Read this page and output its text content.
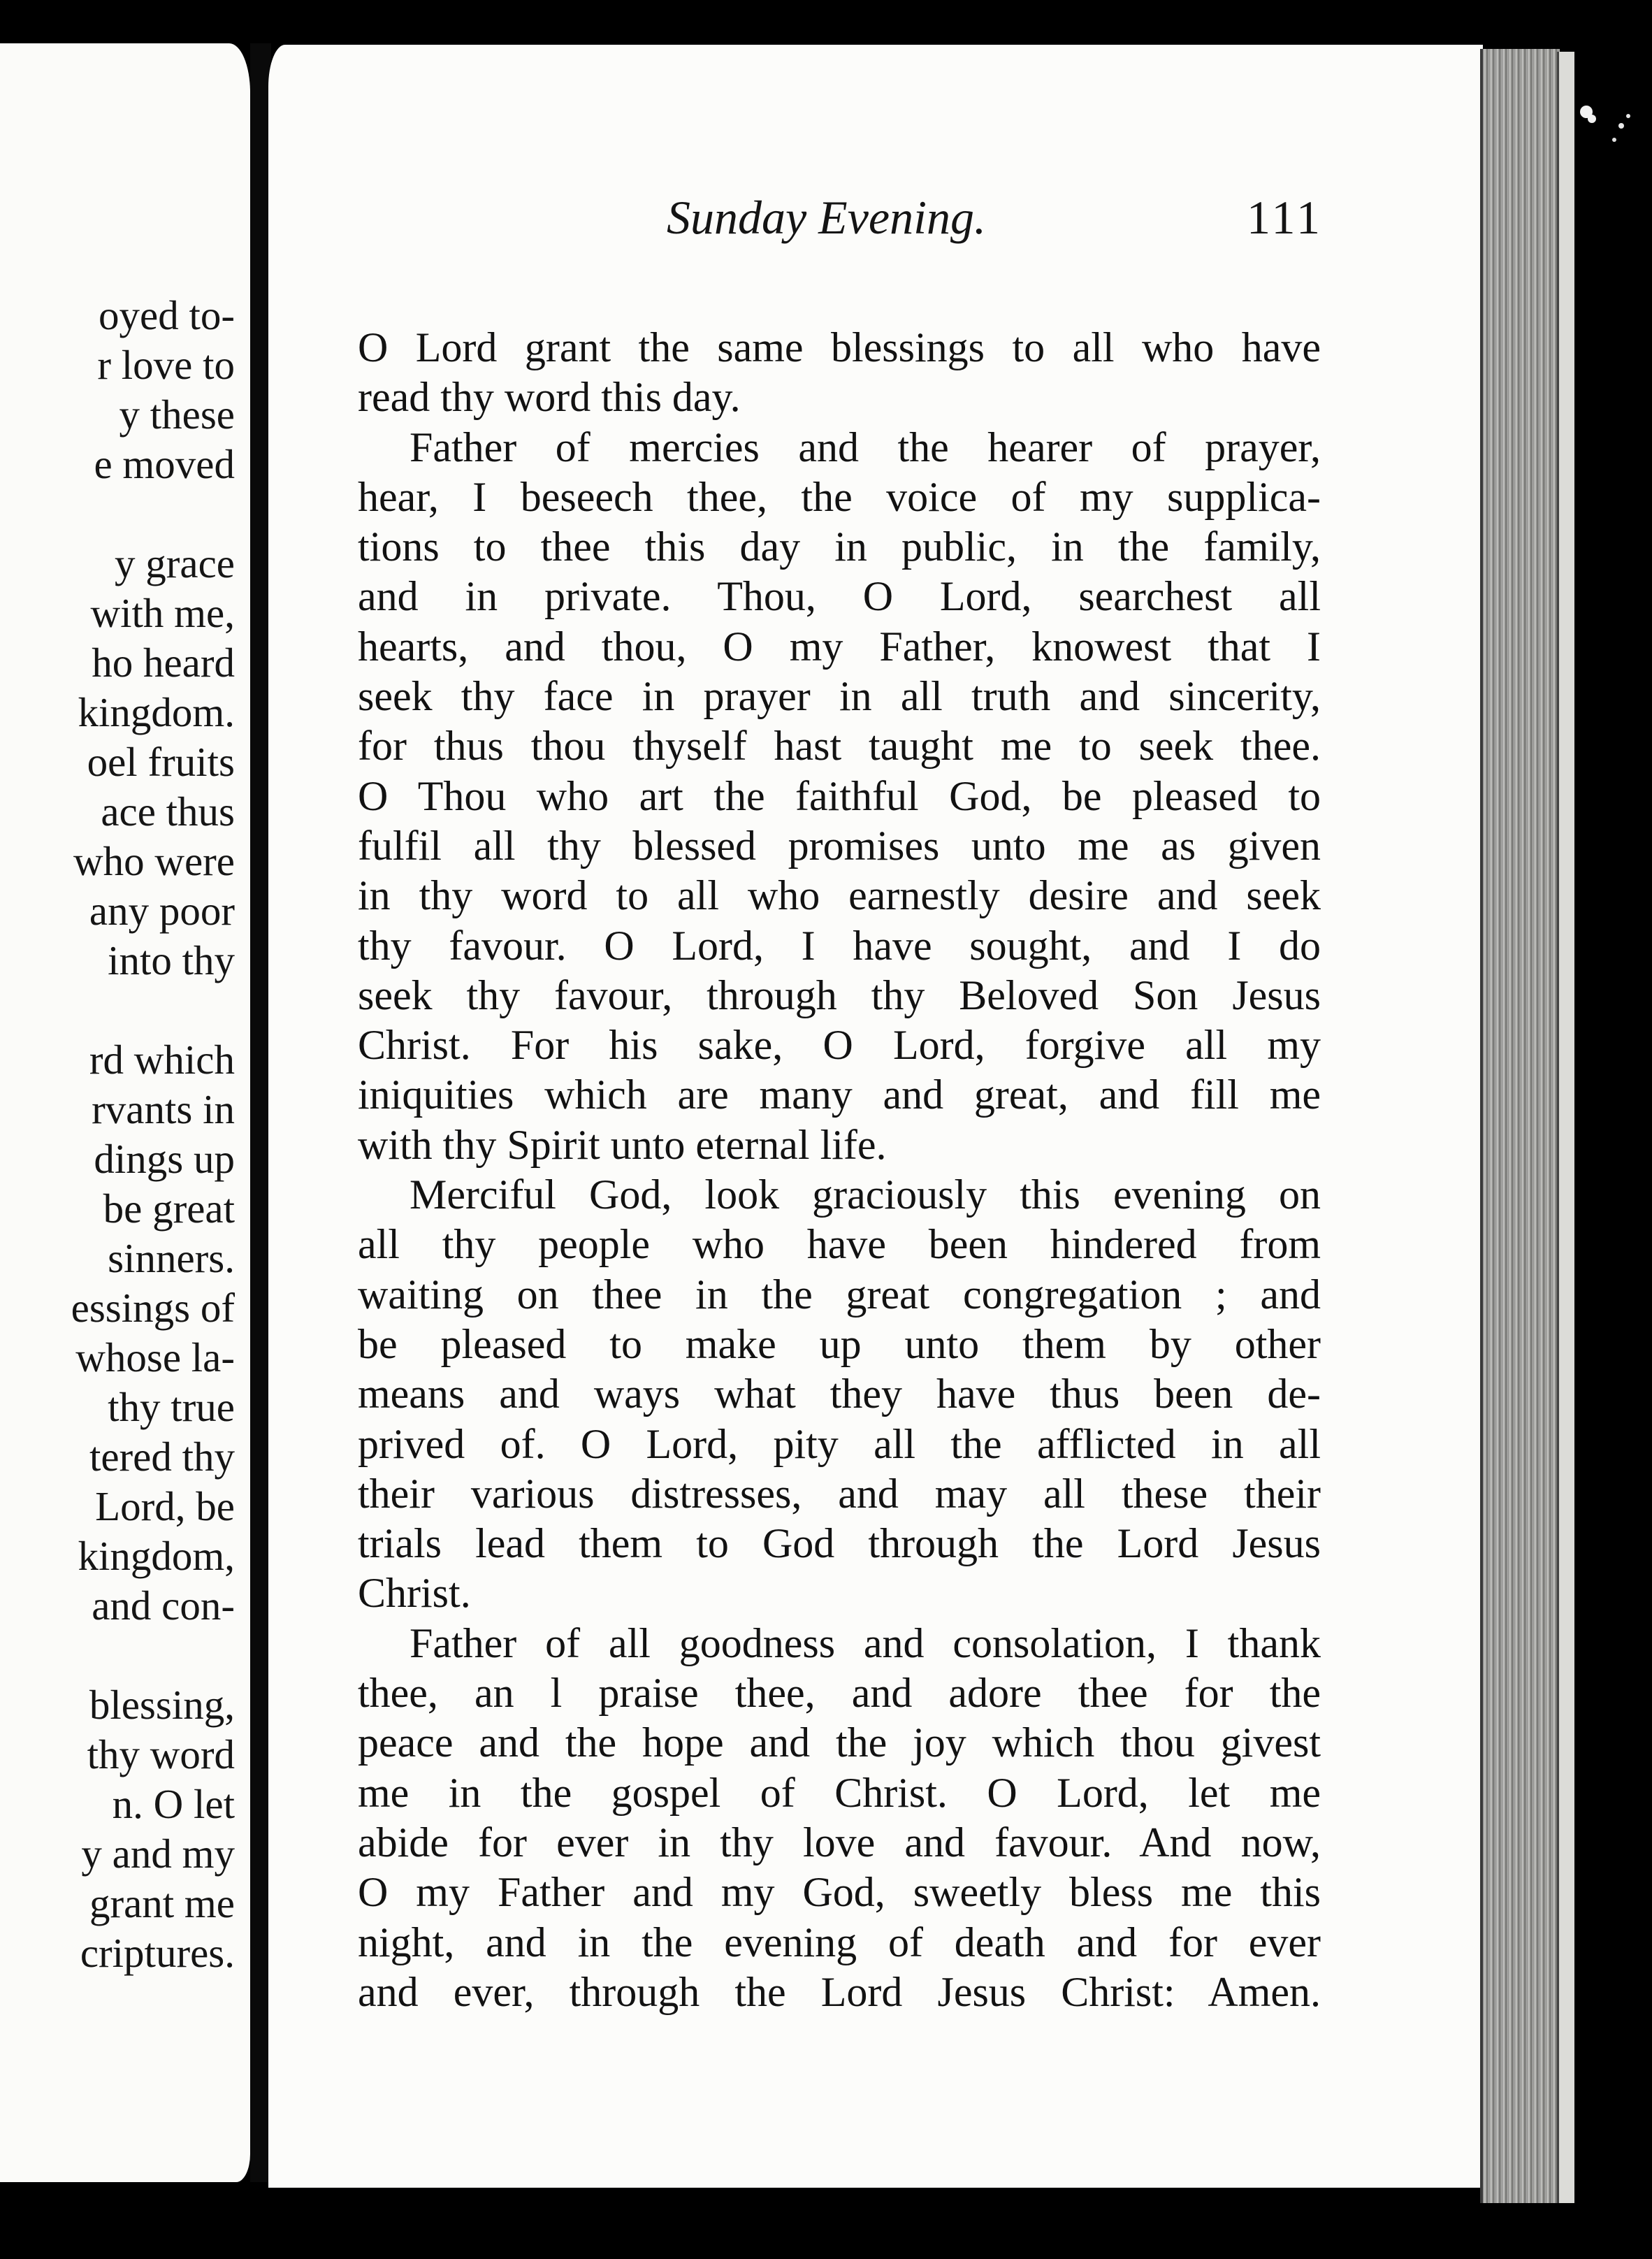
oyed to-
r love to
y these
e moved
y grace
with me,
ho heard
kingdom.
oel fruits
ace thus
who were
any poor
into thy
rd which
rvants in
dings up
be great
sinners.
essings of
whose la-
thy true
tered thy
Lord, be
kingdom,
and con-
blessing,
thy word
n. O let
y and my
grant me
criptures.
Sunday Evening.	111
O Lord grant the same blessings to all who have
read thy word this day.
Father of mercies and the hearer of prayer,
hear, I beseech thee, the voice of my supplica-
tions to thee this day in public, in the family,
and in private. Thou, O Lord, searchest all
hearts, and thou, O my Father, knowest that I
seek thy face in prayer in all truth and sincerity,
for thus thou thyself hast taught me to seek thee.
O Thou who art the faithful God, be pleased to
fulfil all thy blessed promises unto me as given
in thy word to all who earnestly desire and seek
thy favour. O Lord, I have sought, and I do
seek thy favour, through thy Beloved Son Jesus
Christ. For his sake, O Lord, forgive all my
iniquities which are many and great, and fill me
with thy Spirit unto eternal life.
Merciful God, look graciously this evening on
all thy people who have been hindered from
waiting on thee in the great congregation ; and
be pleased to make up unto them by other
means and ways what they have thus been de-
prived of. O Lord, pity all the afflicted in all
their various distresses, and may all these their
trials lead them to God through the Lord Jesus
Christ.
Father of all goodness and consolation, I thank
thee, an l praise thee, and adore thee for the
peace and the hope and the joy which thou givest
me in the gospel of Christ. O Lord, let me
abide for ever in thy love and favour. And now,
O my Father and my God, sweetly bless me this
night, and in the evening of death and for ever
and ever, through the Lord Jesus Christ: Amen.
